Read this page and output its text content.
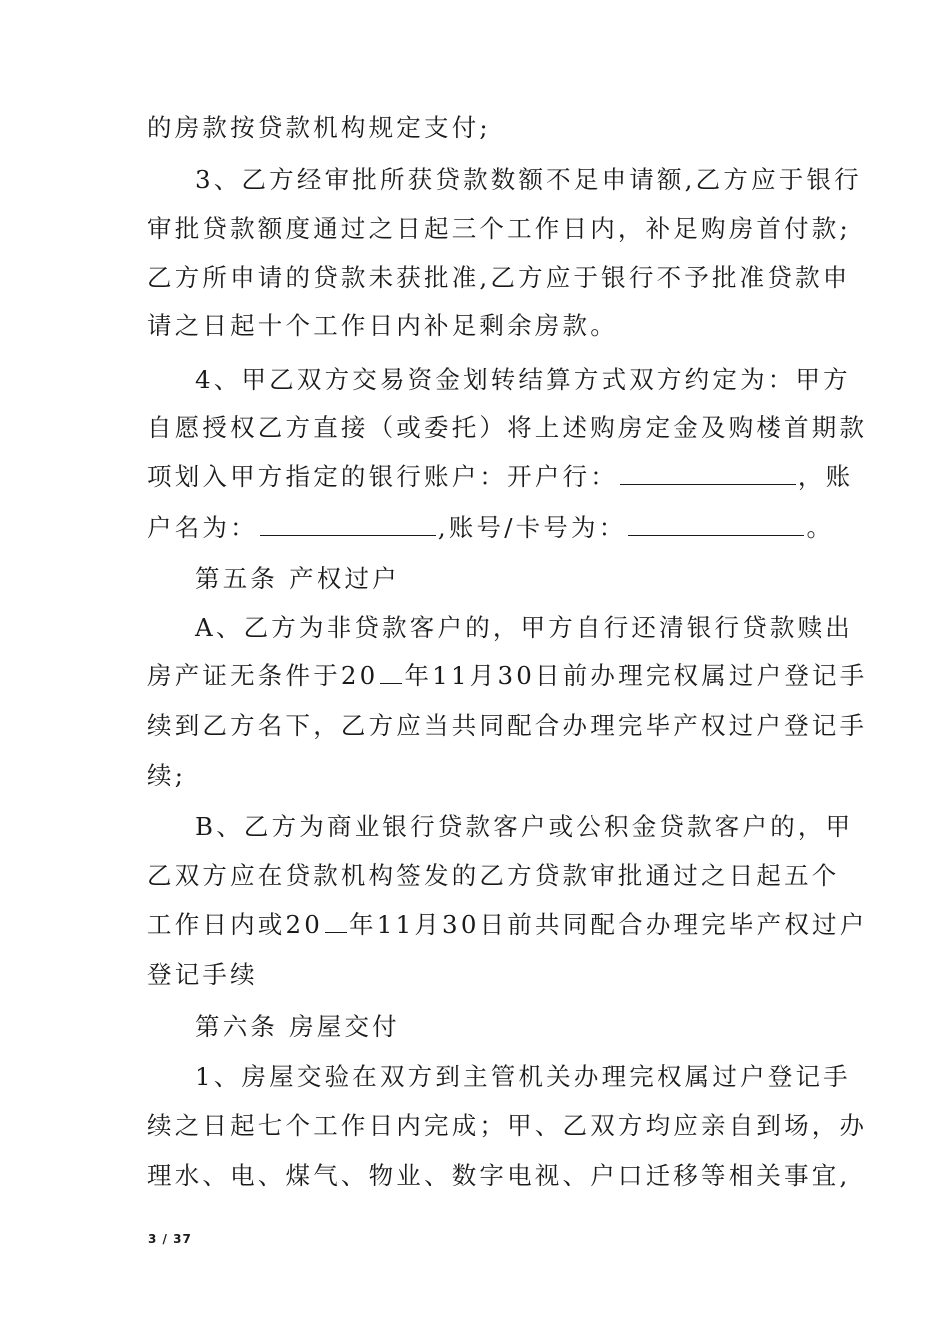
的房款按贷款机构规定支付;
3、乙方经审批所获贷款数额不足申请额,乙方应于银行
审批贷款额度通过之日起三个工作日内，补足购房首付款;
乙方所申请的贷款未获批准,乙方应于银行不予批准贷款申
请之日起十个工作日内补足剩余房款。
4、甲乙双方交易资金划转结算方式双方约定为：甲方
自愿授权乙方直接（或委托）将上述购房定金及购楼首期款
项划入甲方指定的银行账户：开户行：	，账
户名为：	,账号/卡号为：	。
第五条 产权过户
A、乙方为非贷款客户的，甲方自行还清银行贷款赎出
房产证无条件于20 年11月30日前办理完权属过户登记手
续到乙方名下，乙方应当共同配合办理完毕产权过户登记手
续;
B、乙方为商业银行贷款客户或公积金贷款客户的，甲
乙双方应在贷款机构签发的乙方贷款审批通过之日起五个
工作日内或20 年11月30日前共同配合办理完毕产权过户
登记手续
第六条 房屋交付
1、房屋交验在双方到主管机关办理完权属过户登记手
续之日起七个工作日内完成；甲、乙双方均应亲自到场，办
理水、电、煤气、物业、数字电视、户口迁移等相关事宜,
3 / 37
